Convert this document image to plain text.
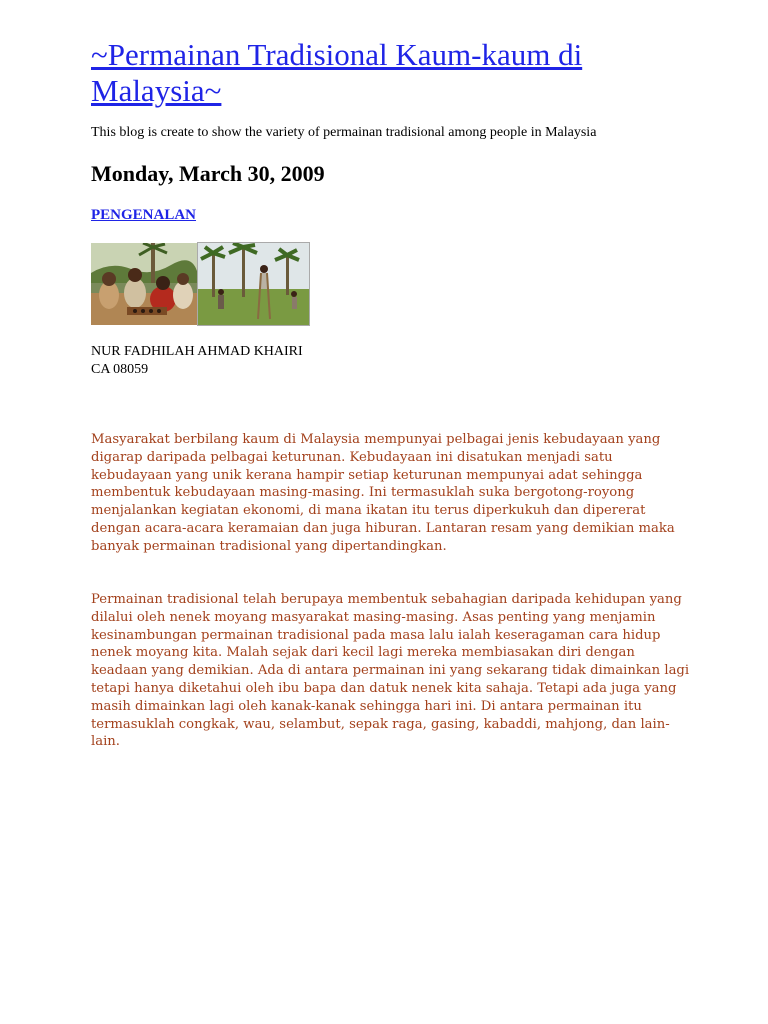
~Permainan Tradisional Kaum-kaum di Malaysia~

This blog is create to show the variety of permainan tradisional among people in Malaysia

Monday, March 30, 2009
PENGENALAN

NUR FADHILAH AHMAD KHAIRI
CA 08059

Masyarakat berbilang kaum di Malaysia mempunyai pelbagai jenis kebudayaan yang digarap daripada pelbagai keturunan. Kebudayaan ini disatukan menjadi satu kebudayaan yang unik kerana hampir setiap keturunan mempunyai adat sehingga membentuk kebudayaan masing-masing. Ini termasuklah suka bergotong-royong menjalankan kegiatan ekonomi, di mana ikatan itu terus diperkukuh dan dipererat dengan acara-acara keramaian dan juga hiburan. Lantaran resam yang demikian maka banyak permainan tradisional yang dipertandingkan.

Permainan tradisional telah berupaya membentuk sebahagian daripada kehidupan yang dilalui oleh nenek moyang masyarakat masing-masing. Asas penting yang menjamin kesinambungan permainan tradisional pada masa lalu ialah keseragaman cara hidup nenek moyang kita. Malah sejak dari kecil lagi mereka membiasakan diri dengan keadaan yang demikian. Ada di antara permainan ini yang sekarang tidak dimainkan lagi tetapi hanya diketahui oleh ibu bapa dan datuk nenek kita sahaja. Tetapi ada juga yang masih dimainkan lagi oleh kanak-kanak sehingga hari ini. Di antara permainan itu termasuklah congkak, wau, selambut, sepak raga, gasing, kabaddi, mahjong, dan lain-lain.
